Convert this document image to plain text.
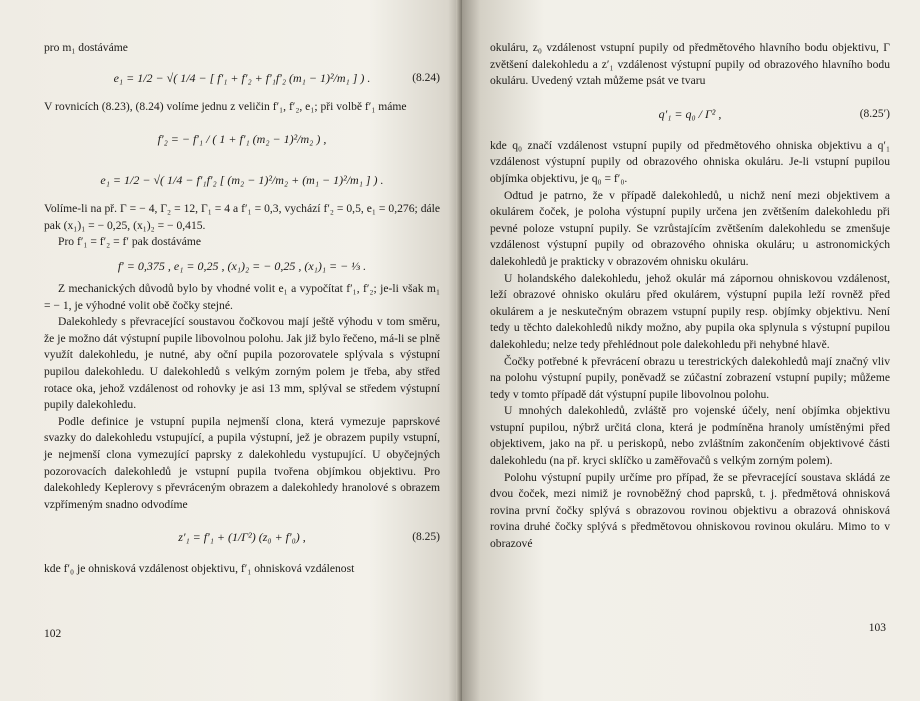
pro m₁ dostáváme

e₁ = 1/2 − √( 1/4 − [ f′₁ + f′₂ + f′₁f′₂ (m₁ − 1)²/m₁ ] ) .	(8.24)

V rovnicích (8.23), (8.24) volíme jednu z veličin f′₁, f′₂, e₁; při volbě f′₁ máme

f′₂ = − f′₁ / ( 1 + f′₁ (m₂ − 1)²/m₂ ) ,
e₁ = 1/2 − √( 1/4 − f′₁f′₂ [ (m₂ − 1)²/m₂ + (m₁ − 1)²/m₁ ] ) .

Volíme-li na př. Γ = − 4, Γ₂ = 12, Γ₁ = 4 a f′₁ = 0,3, vychází f′₂ = 0,5, e₁ = 0,276; dále pak (x₁)₁ = − 0,25, (x₁)₂ = − 0,415.

Pro f′₁ = f′₂ = f′ pak dostáváme

f′ = 0,375 , e₁ = 0,25 , (x₁)₂ = − 0,25 , (x₁)₁ = − ⅓ .

Z mechanických důvodů bylo by vhodné volit e₁ a vypočítat f′₁, f′₂; je-li však m₁ = − 1, je výhodné volit obě čočky stejné.

Dalekohledy s převracející soustavou čočkovou mají ještě výhodu v tom směru, že je možno dát výstupní pupile libovolnou polohu. Jak již bylo řečeno, má-li se plně využít dalekohledu, je nutné, aby oční pupila pozorovatele splývala s výstupní pupilou dalekohledu. U dalekohledů s velkým zorným polem je třeba, aby střed rotace oka, jehož vzdálenost od rohovky je asi 13 mm, splýval se středem výstupní pupily dalekohledu.

Podle definice je vstupní pupila nejmenší clona, která vymezuje paprskové svazky do dalekohledu vstupující, a pupila výstupní, jež je obrazem pupily vstupní, je nejmenší clona vymezující paprsky z dalekohledu vystupující. U obyčejných pozorovacích dalekohledů je vstupní pupila tvořena objímkou objektivu. Pro dalekohledy Keplerovy s převráceným obrazem a dalekohledy hranolové s obrazem vzpřímeným snadno odvodíme

z′₁ = f′₁ + (1/Γ²) (z₀ + f′₀) ,	(8.25)

kde f′₀ je ohnisková vzdálenost objektivu, f′₁ ohnisková vzdálenost

102

okuláru, z₀ vzdálenost vstupní pupily od předmětového hlavního bodu objektivu, Γ zvětšení dalekohledu a z′₁ vzdálenost výstupní pupily od obrazového hlavního bodu okuláru. Uvedený vztah můžeme psát ve tvaru

q′₁ = q₀ / Γ² ,	(8.25′)

kde q₀ značí vzdálenost vstupní pupily od předmětového ohniska objektivu a q′₁ vzdálenost výstupní pupily od obrazového ohniska okuláru. Je-li vstupní pupilou objímka objektivu, je q₀ = f′₀.

Odtud je patrno, že v případě dalekohledů, u nichž není mezi objektivem a okulárem čoček, je poloha výstupní pupily určena jen zvětšením dalekohledu při pevné poloze vstupní pupily. Se vzrůstajícím zvětšením dalekohledu se zmenšuje vzdálenost výstupní pupily od obrazového ohniska okuláru; u astronomických dalekohledů je prakticky v obrazovém ohnisku okuláru.

U holandského dalekohledu, jehož okulár má zápornou ohniskovou vzdálenost, leží obrazové ohnisko okuláru před okulárem, výstupní pupila leží rovněž před okulárem a je neskutečným obrazem vstupní pupily resp. objímky objektivu. Není tedy u těchto dalekohledů nikdy možno, aby pupila oka splynula s výstupní pupilou dalekohledu; nelze tedy přehlédnout pole dalekohledu při nehybné hlavě.

Čočky potřebné k převrácení obrazu u terestrických dalekohledů mají značný vliv na polohu výstupní pupily, poněvadž se zúčastní zobrazení vstupní pupily; můžeme tedy v tomto případě dát výstupní pupile libovolnou polohu.

U mnohých dalekohledů, zvláště pro vojenské účely, není objímka objektivu vstupní pupilou, nýbrž určitá clona, která je podmíněna hranoly umístěnými před objektivem, jako na př. u periskopů, nebo zvláštním zakončením objektivové části dalekohledu (na př. kryci sklíčko u zaměřovačů s velkým zorným polem).

Polohu výstupní pupily určíme pro případ, že se převracející soustava skládá ze dvou čoček, mezi nimiž je rovnoběžný chod paprsků, t. j. předmětová ohnisková rovina první čočky splývá s obrazovou rovinou objektivu a obrazová ohnisková rovina druhé čočky splývá s předmětovou ohniskovou rovinou okuláru. Mimo to v obrazové

103
